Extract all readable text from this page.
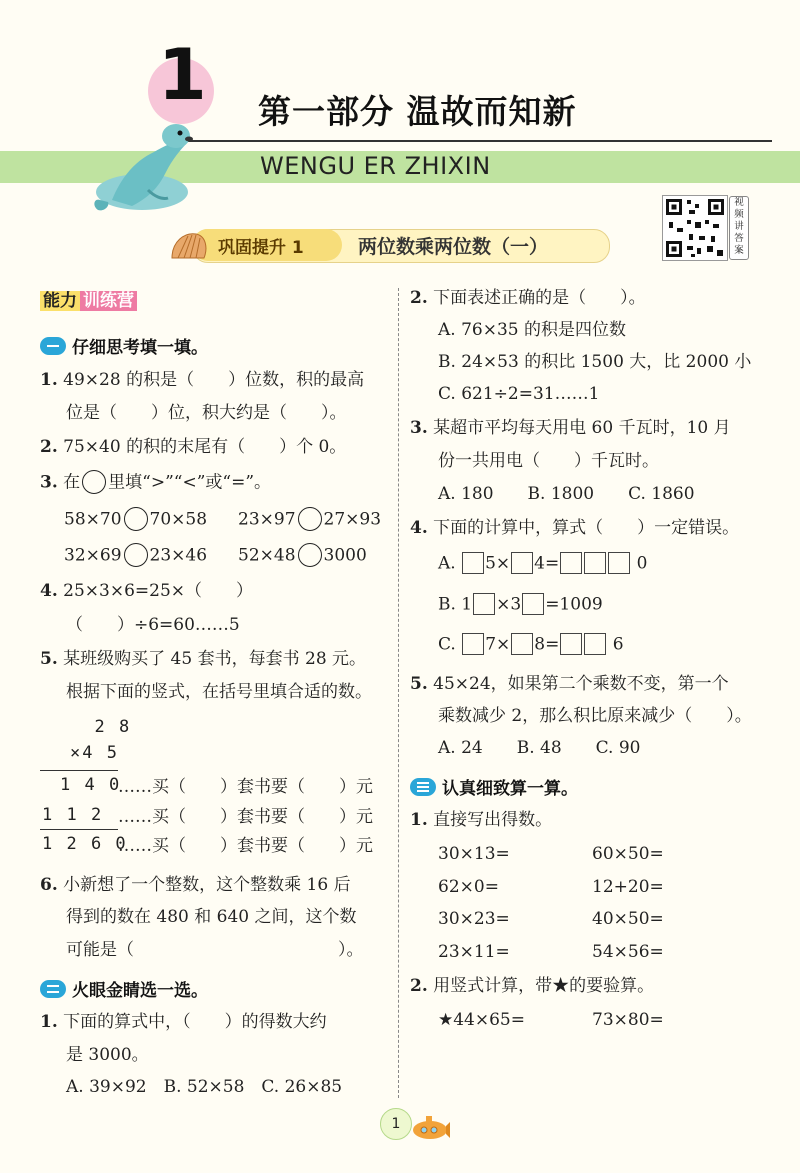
1 第一部分 温故而知新
WENGU ER ZHIXIN
视
频
讲
答
案
巩固提升 1	两位数乘两位数（一）
能力 训练营
仔细思考填一填。
1. 49×28 的积是（　　）位数，积的最高
位是（　　）位，积大约是（　　）。
2. 75×40 的积的末尾有（　　）个 0。
3. 在 里填“>”“<”或“=”。
58×70 70×58 23×97 27×93
32×69 23×46 52×48 3000
4. 25×3×6=25×（　　）
（　　）÷6=60……5
5. 某班级购买了 45 套书，每套书 28 元。
根据下面的竖式，在括号里填合适的数。
2 8
×4 5
1 4 0
……买（　　）套书要（　　）元
1 1 2 ……买（　　）套书要（　　）元
1 2 6 0
……买（　　）套书要（　　）元
6. 小新想了一个整数，这个整数乘 16 后
得到的数在 480 和 640 之间，这个数
可能是（　　　　　　　　　　　　）。
火眼金睛选一选。
1. 下面的算式中，（　　）的得数大约
是 3000。
A. 39×92　B. 52×58　C. 26×85
2. 下面表述正确的是（　　）。
A. 76×35 的积是四位数
B. 24×53 的积比 1500 大，比 2000 小
C. 621÷2=31……1
3. 某超市平均每天用电 60 千瓦时，10 月
份一共用电（　　）千瓦时。
A. 180　　B. 1800　　C. 1860
4. 下面的计算中，算式（　　）一定错误。
A. 5× 4=	0
B. 1 ×3 =1009
C. 7× 8=	6
5. 45×24，如果第二个乘数不变，第一个
乘数减少 2，那么积比原来减少（　　）。
A. 24　　B. 48　　C. 90
认真细致算一算。
1. 直接写出得数。
30×13=	60×50=
62×0=	12+20=
30×23=	40×50=
23×11=	54×56=
2. 用竖式计算，带★的要验算。
★44×65=	73×80=
1
